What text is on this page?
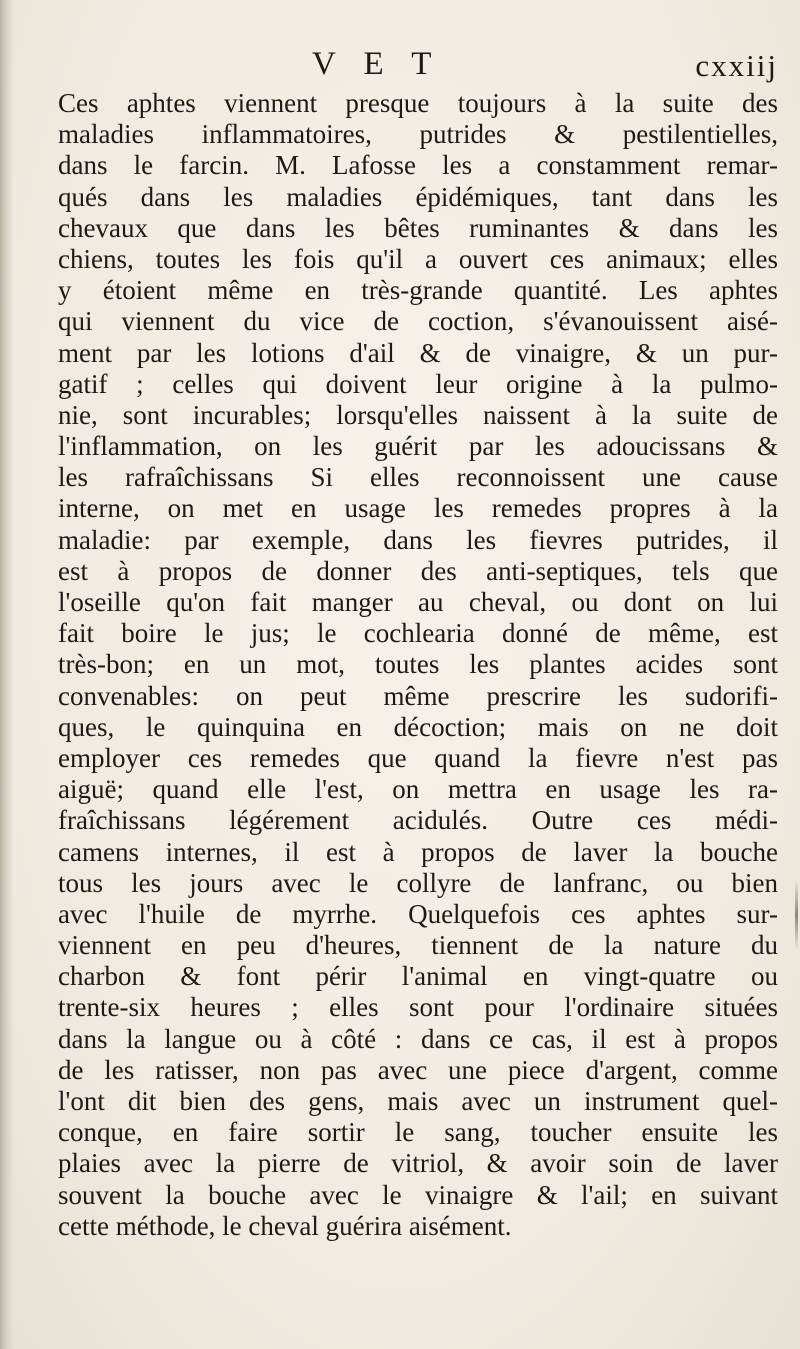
V E T	cxxiij
Ces aphtes viennent presque toujours à la suite des
maladies inflammatoires, putrides & pestilentielles,
dans le farcin. M. Lafosse les a constamment remar-
qués dans les maladies épidémiques, tant dans les
chevaux que dans les bêtes ruminantes & dans les
chiens, toutes les fois qu'il a ouvert ces animaux; elles
y étoient même en très-grande quantité. Les aphtes
qui viennent du vice de coction, s'évanouissent aisé-
ment par les lotions d'ail & de vinaigre, & un pur-
gatif ; celles qui doivent leur origine à la pulmo-
nie, sont incurables; lorsqu'elles naissent à la suite de
l'inflammation, on les guérit par les adoucissans &
les rafraîchissans Si elles reconnoissent une cause
interne, on met en usage les remedes propres à la
maladie: par exemple, dans les fievres putrides, il
est à propos de donner des anti-septiques, tels que
l'oseille qu'on fait manger au cheval, ou dont on lui
fait boire le jus; le cochlearia donné de même, est
très-bon; en un mot, toutes les plantes acides sont
convenables: on peut même prescrire les sudorifi-
ques, le quinquina en décoction; mais on ne doit
employer ces remedes que quand la fievre n'est pas
aiguë; quand elle l'est, on mettra en usage les ra-
fraîchissans légérement acidulés. Outre ces médi-
camens internes, il est à propos de laver la bouche
tous les jours avec le collyre de lanfranc, ou bien
avec l'huile de myrrhe. Quelquefois ces aphtes sur-
viennent en peu d'heures, tiennent de la nature du
charbon & font périr l'animal en vingt-quatre ou
trente-six heures ; elles sont pour l'ordinaire situées
dans la langue ou à côté : dans ce cas, il est à propos
de les ratisser, non pas avec une piece d'argent, comme
l'ont dit bien des gens, mais avec un instrument quel-
conque, en faire sortir le sang, toucher ensuite les
plaies avec la pierre de vitriol, & avoir soin de laver
souvent la bouche avec le vinaigre & l'ail; en suivant
cette méthode, le cheval guérira aisément.
